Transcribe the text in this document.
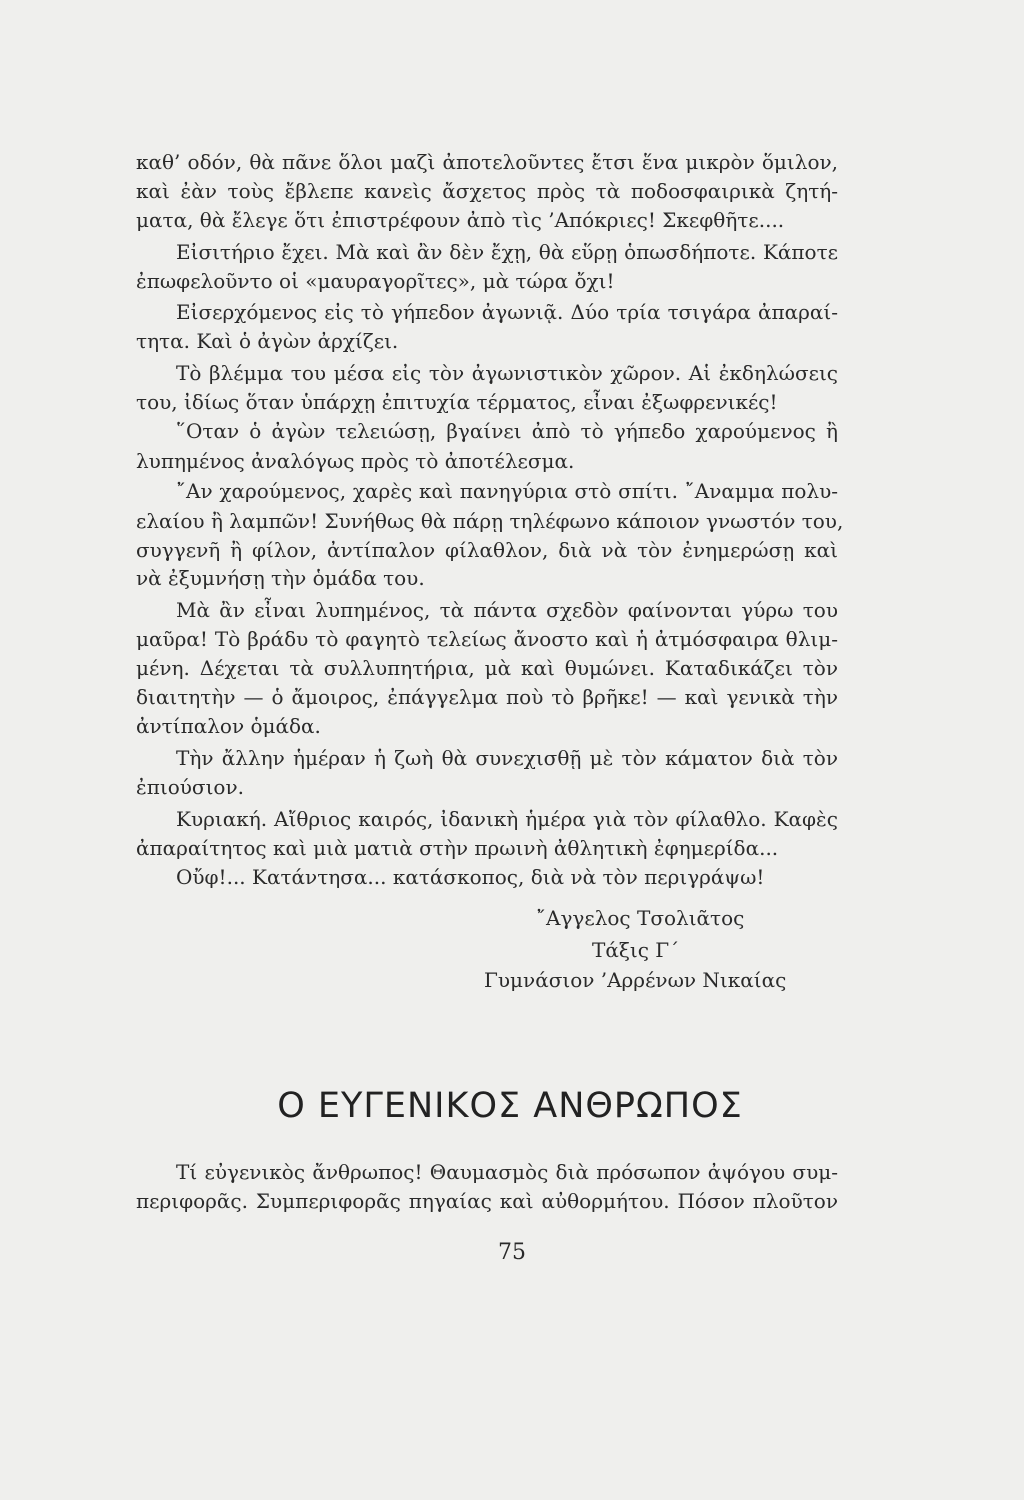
καθ’ οδόν, θὰ πᾶνε ὅλοι μαζὶ ἀποτελοῦντες ἔτσι ἕνα μικρὸν ὅμιλον,
καὶ ἐὰν τοὺς ἔβλεπε κανεὶς ἄσχετος πρὸς τὰ ποδοσφαιρικὰ ζητή-
ματα, θὰ ἔλεγε ὅτι ἐπιστρέφουν ἀπὸ τὶς ’Απόκριες! Σκεφθῆτε....
Εἰσιτήριο ἔχει. Μὰ καὶ ἂν δὲν ἔχῃ, θὰ εὕρῃ ὁπωσδήποτε. Κάποτε
ἐπωφελοῦντο οἱ «μαυραγορῖτες», μὰ τώρα ὄχι!
Εἰσερχόμενος εἰς τὸ γήπεδον ἀγωνιᾷ. Δύο τρία τσιγάρα ἀπαραί-
τητα. Καὶ ὁ ἀγὼν ἀρχίζει.
Τὸ βλέμμα του μέσα εἰς τὸν ἀγωνιστικὸν χῶρον. Αἱ ἐκδηλώσεις
του, ἰδίως ὅταν ὑπάρχῃ ἐπιτυχία τέρματος, εἶναι ἐξωφρενικές!
῞Οταν ὁ ἀγὼν τελειώσῃ, βγαίνει ἀπὸ τὸ γήπεδο χαρούμενος ἢ
λυπημένος ἀναλόγως πρὸς τὸ ἀποτέλεσμα.
῎Αν χαρούμενος, χαρὲς καὶ πανηγύρια στὸ σπίτι. ῎Αναμμα πολυ-
ελαίου ἢ λαμπῶν! Συνήθως θὰ πάρῃ τηλέφωνο κάποιον γνωστόν του,
συγγενῆ ἢ φίλον, ἀντίπαλον φίλαθλον, διὰ νὰ τὸν ἐνημερώσῃ καὶ
νὰ ἐξυμνήσῃ τὴν ὁμάδα του.
Μὰ ἂν εἶναι λυπημένος, τὰ πάντα σχεδὸν φαίνονται γύρω του
μαῦρα! Τὸ βράδυ τὸ φαγητὸ τελείως ἄνοστο καὶ ἡ ἀτμόσφαιρα θλιμ-
μένη. Δέχεται τὰ συλλυπητήρια, μὰ καὶ θυμώνει. Καταδικάζει τὸν
διαιτητὴν — ὁ ἄμοιρος, ἐπάγγελμα ποὺ τὸ βρῆκε! — καὶ γενικὰ τὴν
ἀντίπαλον ὁμάδα.
Τὴν ἄλλην ἡμέραν ἡ ζωὴ θὰ συνεχισθῇ μὲ τὸν κάματον διὰ τὸν
ἐπιούσιον.
Κυριακή. Αἴθριος καιρός, ἰδανικὴ ἡμέρα γιὰ τὸν φίλαθλο. Καφὲς
ἀπαραίτητος καὶ μιὰ ματιὰ στὴν πρωινὴ ἀθλητικὴ ἐφημερίδα...
Οὔφ!... Κατάντησα... κατάσκοπος, διὰ νὰ τὸν περιγράψω!
῎Αγγελος Τσολιᾶτος
Τάξις Γ΄
Γυμνάσιον ’Αρρένων Νικαίας
Ο ΕΥΓΕΝΙΚΟΣ ΑΝΘΡΩΠΟΣ
Τί εὐγενικὸς ἄνθρωπος! Θαυμασμὸς διὰ πρόσωπον ἀψόγου συμ-
περιφορᾶς. Συμπεριφορᾶς πηγαίας καὶ αὐθορμήτου. Πόσον πλοῦτον
75
